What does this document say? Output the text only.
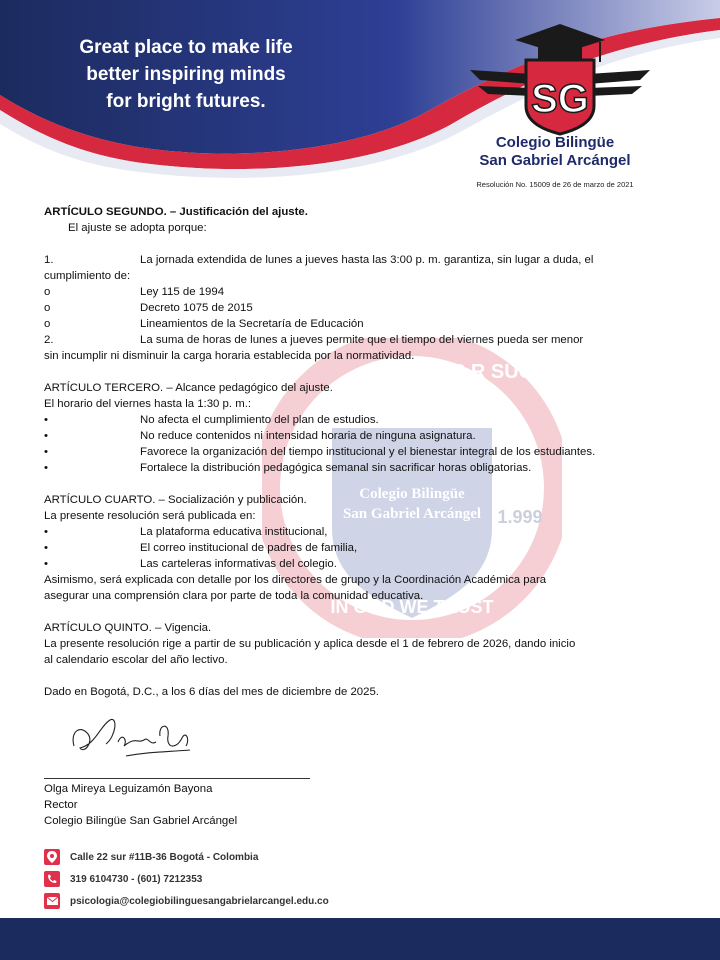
Great place to make life
better inspiring minds
for bright futures.	SG
Colegio Bilingüe
San Gabriel Arcángel
Resolución No. 15009 de 26 de marzo de 2021
S R SUCC
Colegio Bilingüe
San Gabriel Arcángel 1.999
IN GOD WE TRUST
ARTÍCULO SEGUNDO. – Justificación del ajuste.
El ajuste se adopta porque:
1.	La jornada extendida de lunes a jueves hasta las 3:00 p. m. garantiza, sin lugar a duda, el
cumplimiento de:
o	Ley 115 de 1994
o	Decreto 1075 de 2015
o	Lineamientos de la Secretaría de Educación
2.	La suma de horas de lunes a jueves permite que el tiempo del viernes pueda ser menor
sin incumplir ni disminuir la carga horaria establecida por la normatividad.
ARTÍCULO TERCERO. – Alcance pedagógico del ajuste.
El horario del viernes hasta la 1:30 p. m.:
•	No afecta el cumplimiento del plan de estudios.
•	No reduce contenidos ni intensidad horaria de ninguna asignatura.
•	Favorece la organización del tiempo institucional y el bienestar integral de los estudiantes.
•	Fortalece la distribución pedagógica semanal sin sacrificar horas obligatorias.
ARTÍCULO CUARTO. – Socialización y publicación.
La presente resolución será publicada en:
•	La plataforma educativa institucional,
•	El correo institucional de padres de familia,
•	Las carteleras informativas del colegio.
Asimismo, será explicada con detalle por los directores de grupo y la Coordinación Académica para
asegurar una comprensión clara por parte de toda la comunidad educativa.
ARTÍCULO QUINTO. – Vigencia.
La presente resolución rige a partir de su publicación y aplica desde el 1 de febrero de 2026, dando inicio
al calendario escolar del año lectivo.
Dado en Bogotá, D.C., a los 6 días del mes de diciembre de 2025.
Olga Mireya Leguizamón Bayona
Rector
Colegio Bilingüe San Gabriel Arcángel
Calle 22 sur #11B-36 Bogotá - Colombia
319 6104730 - (601) 7212353
psicologia@colegiobilinguesangabrielarcangel.edu.co
